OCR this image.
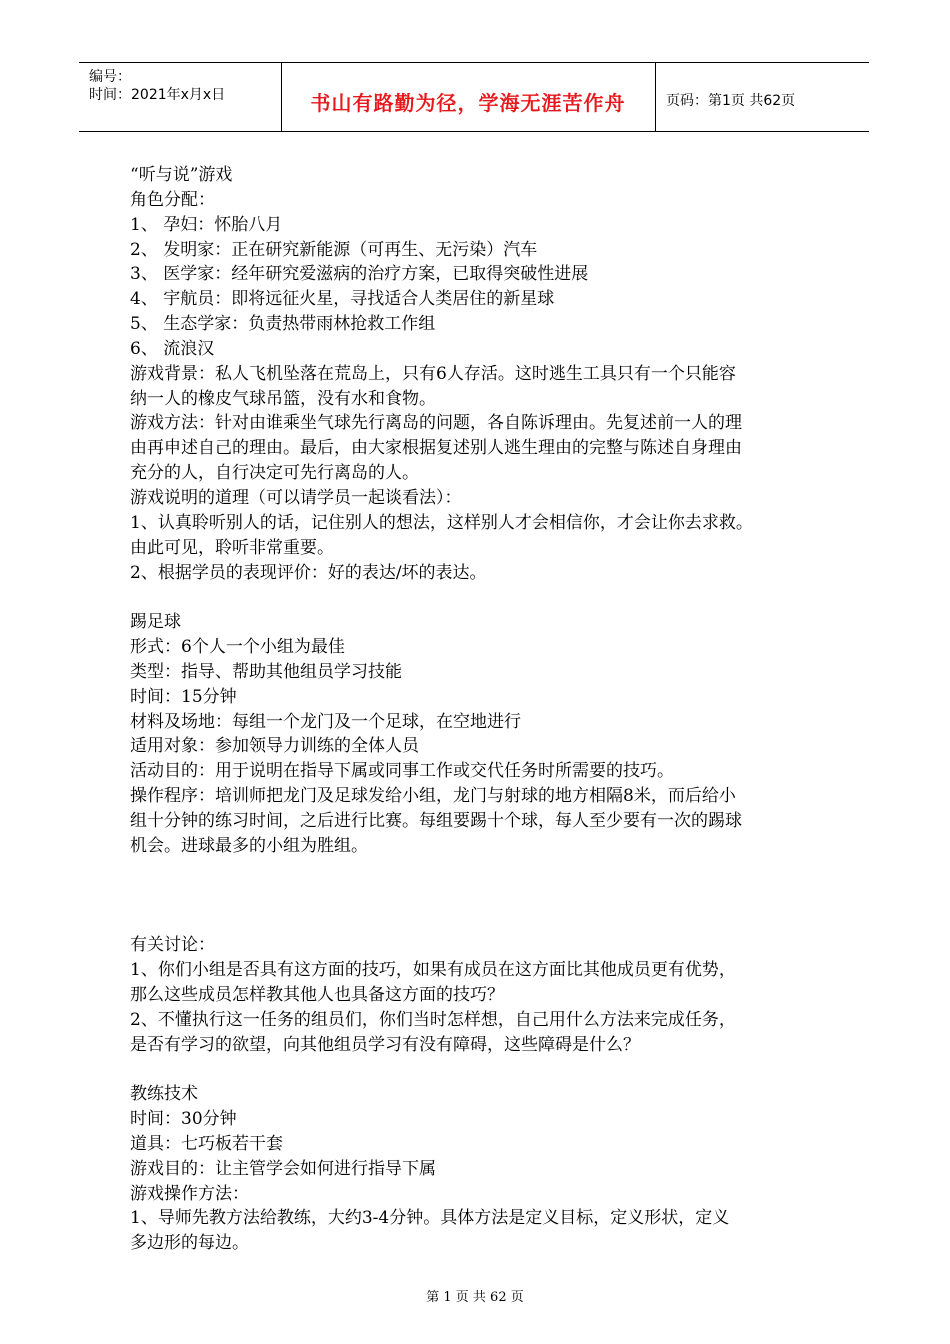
编号：
时间：2021年x月x日	书山有路勤为径，学海无涯苦作舟	页码：第1页 共62页
“听与说”游戏
角色分配：
1、 孕妇：怀胎八月
2、 发明家：正在研究新能源（可再生、无污染）汽车
3、 医学家：经年研究爱滋病的治疗方案，已取得突破性进展
4、 宇航员：即将远征火星，寻找适合人类居住的新星球
5、 生态学家：负责热带雨林抢救工作组
6、 流浪汉
游戏背景：私人飞机坠落在荒岛上，只有6人存活。这时逃生工具只有一个只能容
纳一人的橡皮气球吊篮，没有水和食物。
游戏方法：针对由谁乘坐气球先行离岛的问题，各自陈诉理由。先复述前一人的理
由再申述自己的理由。最后，由大家根据复述别人逃生理由的完整与陈述自身理由
充分的人，自行决定可先行离岛的人。
游戏说明的道理（可以请学员一起谈看法）：
1、认真聆听别人的话，记住别人的想法，这样别人才会相信你，才会让你去求救。
由此可见，聆听非常重要。
2、根据学员的表现评价：好的表达/坏的表达。
踢足球
形式：6个人一个小组为最佳
类型：指导、帮助其他组员学习技能
时间：15分钟
材料及场地：每组一个龙门及一个足球，在空地进行
适用对象：参加领导力训练的全体人员
活动目的：用于说明在指导下属或同事工作或交代任务时所需要的技巧。
操作程序：培训师把龙门及足球发给小组，龙门与射球的地方相隔8米，而后给小
组十分钟的练习时间，之后进行比赛。每组要踢十个球，每人至少要有一次的踢球
机会。进球最多的小组为胜组。
有关讨论：
1、你们小组是否具有这方面的技巧，如果有成员在这方面比其他成员更有优势，
那么这些成员怎样教其他人也具备这方面的技巧？
2、不懂执行这一任务的组员们，你们当时怎样想，自己用什么方法来完成任务，
是否有学习的欲望，向其他组员学习有没有障碍，这些障碍是什么？
教练技术
时间：30分钟
道具：七巧板若干套
游戏目的：让主管学会如何进行指导下属
游戏操作方法：
1、导师先教方法给教练，大约3-4分钟。具体方法是定义目标，定义形状，定义
多边形的每边。
第 1 页 共 62 页
